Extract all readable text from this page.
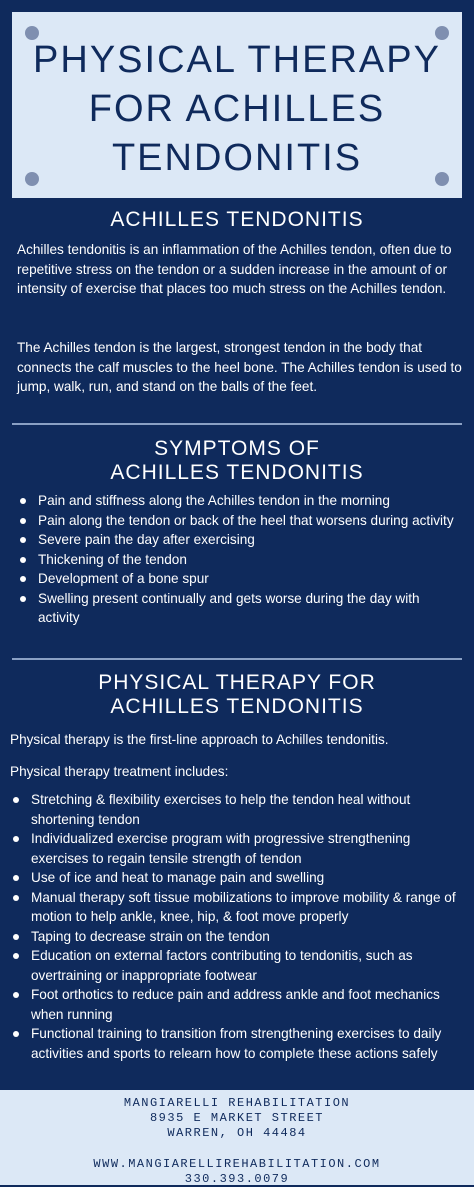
PHYSICAL THERAPY
FOR ACHILLES
TENDONITIS
ACHILLES TENDONITIS

Achilles tendonitis is an inflammation of the Achilles tendon, often due to repetitive stress on the tendon or a sudden increase in the amount of or intensity of exercise that places too much stress on the Achilles tendon.

The Achilles tendon is the largest, strongest tendon in the body that connects the calf muscles to the heel bone. The Achilles tendon is used to jump, walk, run, and stand on the balls of the feet.

SYMPTOMS OF
ACHILLES TENDONITIS
Pain and stiffness along the Achilles tendon in the morning
Pain along the tendon or back of the heel that worsens during activity
Severe pain the day after exercising
Thickening of the tendon
Development of a bone spur
Swelling present continually and gets worse during the day with activity
PHYSICAL THERAPY FOR
ACHILLES TENDONITIS

Physical therapy is the first-line approach to Achilles tendonitis.

Physical therapy treatment includes:

Stretching & flexibility exercises to help the tendon heal without shortening tendon
Individualized exercise program with progressive strengthening exercises to regain tensile strength of tendon
Use of ice and heat to manage pain and swelling
Manual therapy soft tissue mobilizations to improve mobility & range of motion to help ankle, knee, hip, & foot move properly
Taping to decrease strain on the tendon
Education on external factors contributing to tendonitis, such as overtraining or inappropriate footwear
Foot orthotics to reduce pain and address ankle and foot mechanics when running
Functional training to transition from strengthening exercises to daily activities and sports to relearn how to complete these actions safely
MANGIARELLI REHABILITATION
8935 E MARKET STREET
WARREN, OH 44484
WWW.MANGIARELLIREHABILITATION.COM
330.393.0079
